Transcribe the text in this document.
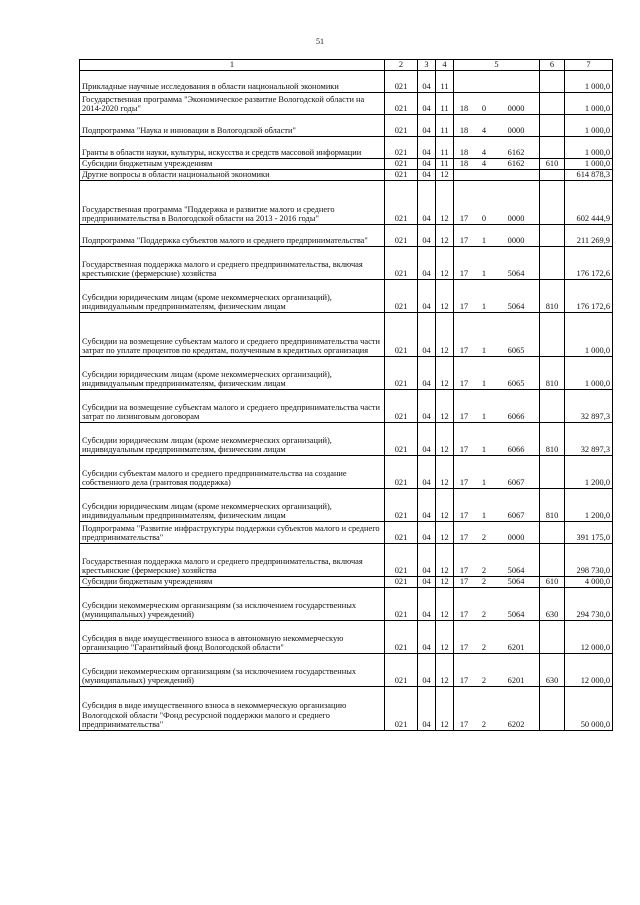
51
1	2	3	4	5	6	7
Прикладные научные исследования в области национальной экономики	021	04	11			1 000,0
Государственная программа "Экономическое развитие Вологодской области на 2014-2020 годы"	021	04	11	18 0 0000		1 000,0
Подпрограмма "Наука и инновации в Вологодской области"	021	04	11	18 4 0000		1 000,0
Гранты в области науки, культуры, искусства и средств массовой информации	021	04	11	18 4 6162		1 000,0
Субсидии бюджетным учреждениям	021	04	11	18 4 6162	610	1 000,0
Другие вопросы в области национальной экономики	021	04	12			614 878,3
Государственная программа "Поддержка и развитие малого и среднего предпринимательства в Вологодской области на 2013 - 2016 годы"	021	04	12	17 0 0000		602 444,9
Подпрограмма "Поддержка субъектов малого и среднего предпринимательства"	021	04	12	17 1 0000		211 269,9
Государственная поддержка малого и среднего предпринимательства, включая крестьянские (фермерские) хозяйства	021	04	12	17 1 5064		176 172,6
Субсидии юридическим лицам (кроме некоммерческих организаций), индивидуальным предпринимателям, физическим лицам	021	04	12	17 1 5064	810	176 172,6
Субсидии на возмещение субъектам малого и среднего предпринимательства части затрат по уплате процентов по кредитам, полученным в кредитных организация	021	04	12	17 1 6065		1 000,0
Субсидии юридическим лицам (кроме некоммерческих организаций), индивидуальным предпринимателям, физическим лицам	021	04	12	17 1 6065	810	1 000,0
Субсидии на возмещение субъектам малого и среднего предпринимательства части затрат по лизинговым договорам	021	04	12	17 1 6066		32 897,3
Субсидии юридическим лицам (кроме некоммерческих организаций), индивидуальным предпринимателям, физическим лицам	021	04	12	17 1 6066	810	32 897,3
Субсидии субъектам малого и среднего предпринимательства на создание собственного дела (грантовая поддержка)	021	04	12	17 1 6067		1 200,0
Субсидии юридическим лицам (кроме некоммерческих организаций), индивидуальным предпринимателям, физическим лицам	021	04	12	17 1 6067	810	1 200,0
Подпрограмма "Развитие инфраструктуры поддержки субъектов малого и среднего предпринимательства"	021	04	12	17 2 0000		391 175,0
Государственная поддержка малого и среднего предпринимательства, включая крестьянские (фермерские) хозяйства	021	04	12	17 2 5064		298 730,0
Субсидии бюджетным учреждениям	021	04	12	17 2 5064	610	4 000,0
Субсидии некоммерческим организациям (за исключением государственных (муниципальных) учреждений)	021	04	12	17 2 5064	630	294 730,0
Субсидия в виде имущественного взноса в автономную некоммерческую организацию "Гарантийный фонд Вологодской области"	021	04	12	17 2 6201		12 000,0
Субсидии некоммерческим организациям (за исключением государственных (муниципальных) учреждений)	021	04	12	17 2 6201	630	12 000,0
Субсидия в виде имущественного взноса в некоммерческую организацию Вологодской области "Фонд ресурсной поддержки малого и среднего предпринимательства"	021	04	12	17 2 6202		50 000,0
